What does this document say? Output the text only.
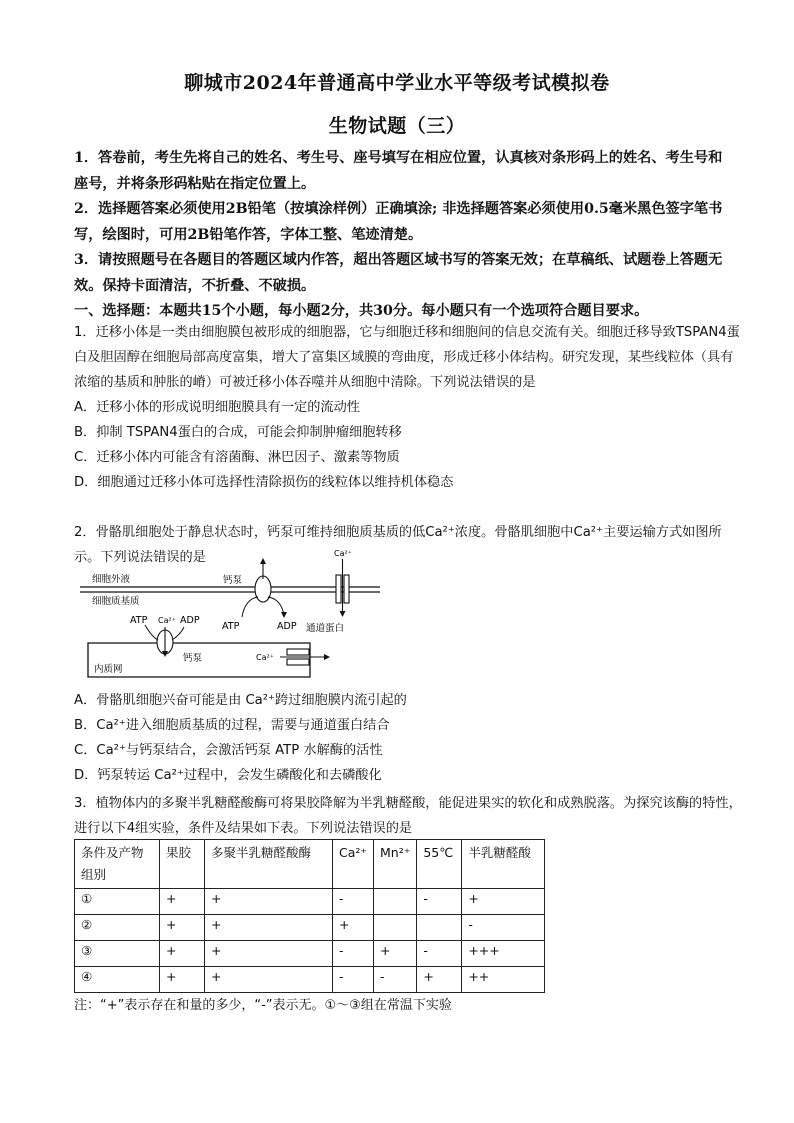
聊城市2024年普通高中学业水平等级考试模拟卷
生物试题（三）

1．答卷前，考生先将自己的姓名、考生号、座号填写在相应位置，认真核对条形码上的姓名、考生号和座号，并将条形码粘贴在指定位置上。

2．选择题答案必须使用2B铅笔（按填涂样例）正确填涂; 非选择题答案必须使用0.5毫米黑色签字笔书写，绘图时，可用2B铅笔作答，字体工整、笔迹清楚。

3．请按照题号在各题目的答题区域内作答，超出答题区域书写的答案无效；在草稿纸、试题卷上答题无效。保持卡面清洁，不折叠、不破损。

一、选择题：本题共15个小题，每小题2分，共30分。每小题只有一个选项符合题目要求。

1．迁移小体是一类由细胞膜包被形成的细胞器，它与细胞迁移和细胞间的信息交流有关。细胞迁移导致TSPAN4蛋白及胆固醇在细胞局部高度富集，增大了富集区域膜的弯曲度，形成迁移小体结构。研究发现，某些线粒体（具有浓缩的基质和肿胀的嵴）可被迁移小体吞噬并从细胞中清除。下列说法错误的是

A．迁移小体的形成说明细胞膜具有一定的流动性

B．抑制 TSPAN4蛋白的合成，可能会抑制肿瘤细胞转移

C．迁移小体内可能含有溶菌酶、淋巴因子、激素等物质

D．细胞通过迁移小体可选择性清除损伤的线粒体以维持机体稳态

2．骨骼肌细胞处于静息状态时，钙泵可维持细胞质基质的低Ca²⁺浓度。骨骼肌细胞中Ca²⁺主要运输方式如图所示。下列说法错误的是

细胞外液
细胞质基质
钙泵
ATP	ADP
Ca²⁺
通道蛋白
内质网
Ca²⁺
ATP	ADP
钙泵	Ca²⁺

A．骨骼肌细胞兴奋可能是由 Ca²⁺跨过细胞膜内流引起的

B．Ca²⁺进入细胞质基质的过程，需要与通道蛋白结合

C．Ca²⁺与钙泵结合，会激活钙泵 ATP 水解酶的活性

D．钙泵转运 Ca²⁺过程中，会发生磷酸化和去磷酸化

3．植物体内的多聚半乳糖醛酸酶可将果胶降解为半乳糖醛酸，能促进果实的软化和成熟脱落。为探究该酶的特性，进行以下4组实验，条件及结果如下表。下列说法错误的是

条件及产物组别	果胶	多聚半乳糖醛酸酶	Ca²⁺	Mn²⁺	55℃	半乳糖醛酸
①	+	+	-		-	+
②	+	+	+			-
③	+	+	-	+	-	+++
④	+	+	-	-	+	++
注：“+”表示存在和量的多少，“-”表示无。①～③组在常温下实验
